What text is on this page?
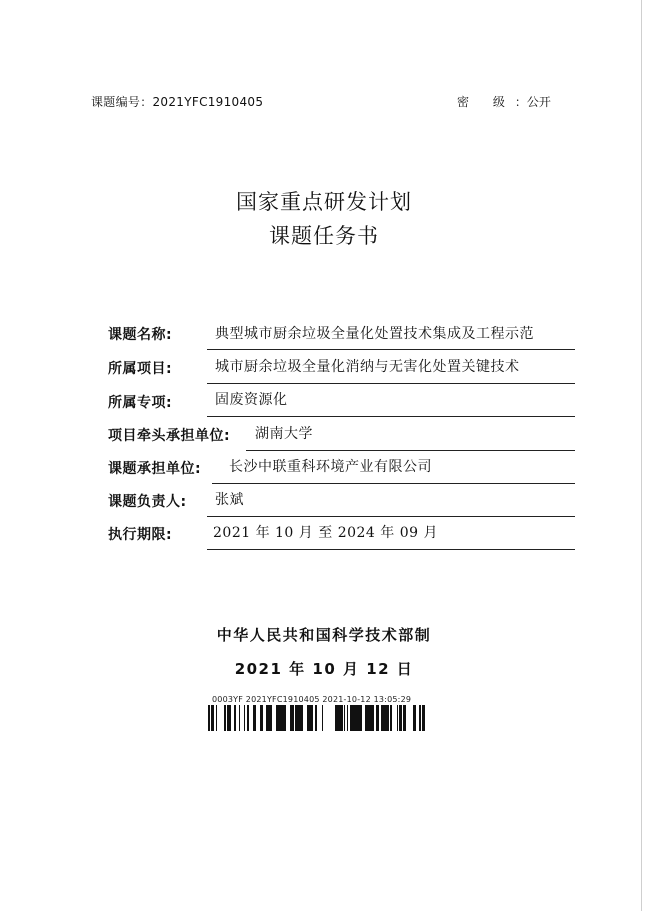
课题编号：2021YFC1910405	密 级：公开
国家重点研发计划
课题任务书
课题名称:	典型城市厨余垃圾全量化处置技术集成及工程示范
所属项目:	城市厨余垃圾全量化消纳与无害化处置关键技术
所属专项:	固废资源化
项目牵头承担单位: 湖南大学
课题承担单位: 长沙中联重科环境产业有限公司
课题负责人: 张斌
执行期限:	2021 年 10 月 至 2024 年 09 月
中华人民共和国科学技术部制
2021 年 10 月 12 日
0003YF 2021YFC1910405 2021-10-12 13:05:29
